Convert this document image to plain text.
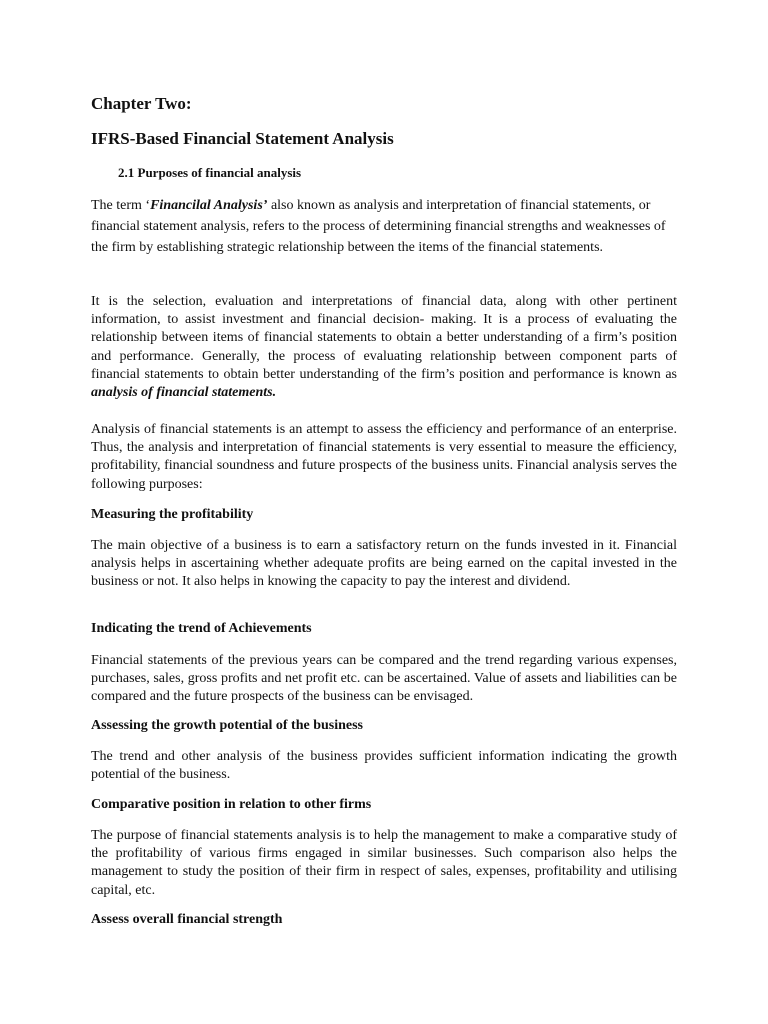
Chapter Two:
IFRS-Based Financial Statement Analysis
2.1 Purposes of financial analysis

The term ‘Financilal Analysis’ also known as analysis and interpretation of financial statements, or financial statement analysis, refers to the process of determining financial strengths and weaknesses of the firm by establishing strategic relationship between the items of the financial statements.

It is the selection, evaluation and interpretations of financial data, along with other pertinent information, to assist investment and financial decision- making. It is a process of evaluating the relationship between items of financial statements to obtain a better understanding of a firm’s position and performance. Generally, the process of evaluating relationship between component parts of financial statements to obtain better understanding of the firm’s position and performance is known as analysis of financial statements.

Analysis of financial statements is an attempt to assess the efficiency and performance of an enterprise. Thus, the analysis and interpretation of financial statements is very essential to measure the efficiency, profitability, financial soundness and future prospects of the business units. Financial analysis serves the following purposes:

Measuring the profitability

The main objective of a business is to earn a satisfactory return on the funds invested in it. Financial analysis helps in ascertaining whether adequate profits are being earned on the capital invested in the business or not. It also helps in knowing the capacity to pay the interest and dividend.

Indicating the trend of Achievements

Financial statements of the previous years can be compared and the trend regarding various expenses, purchases, sales, gross profits and net profit etc. can be ascertained. Value of assets and liabilities can be compared and the future prospects of the business can be envisaged.

Assessing the growth potential of the business

The trend and other analysis of the business provides sufficient information indicating the growth potential of the business.

Comparative position in relation to other firms

The purpose of financial statements analysis is to help the management to make a comparative study of the profitability of various firms engaged in similar businesses. Such comparison also helps the management to study the position of their firm in respect of sales, expenses, profitability and utilising capital, etc.

Assess overall financial strength
